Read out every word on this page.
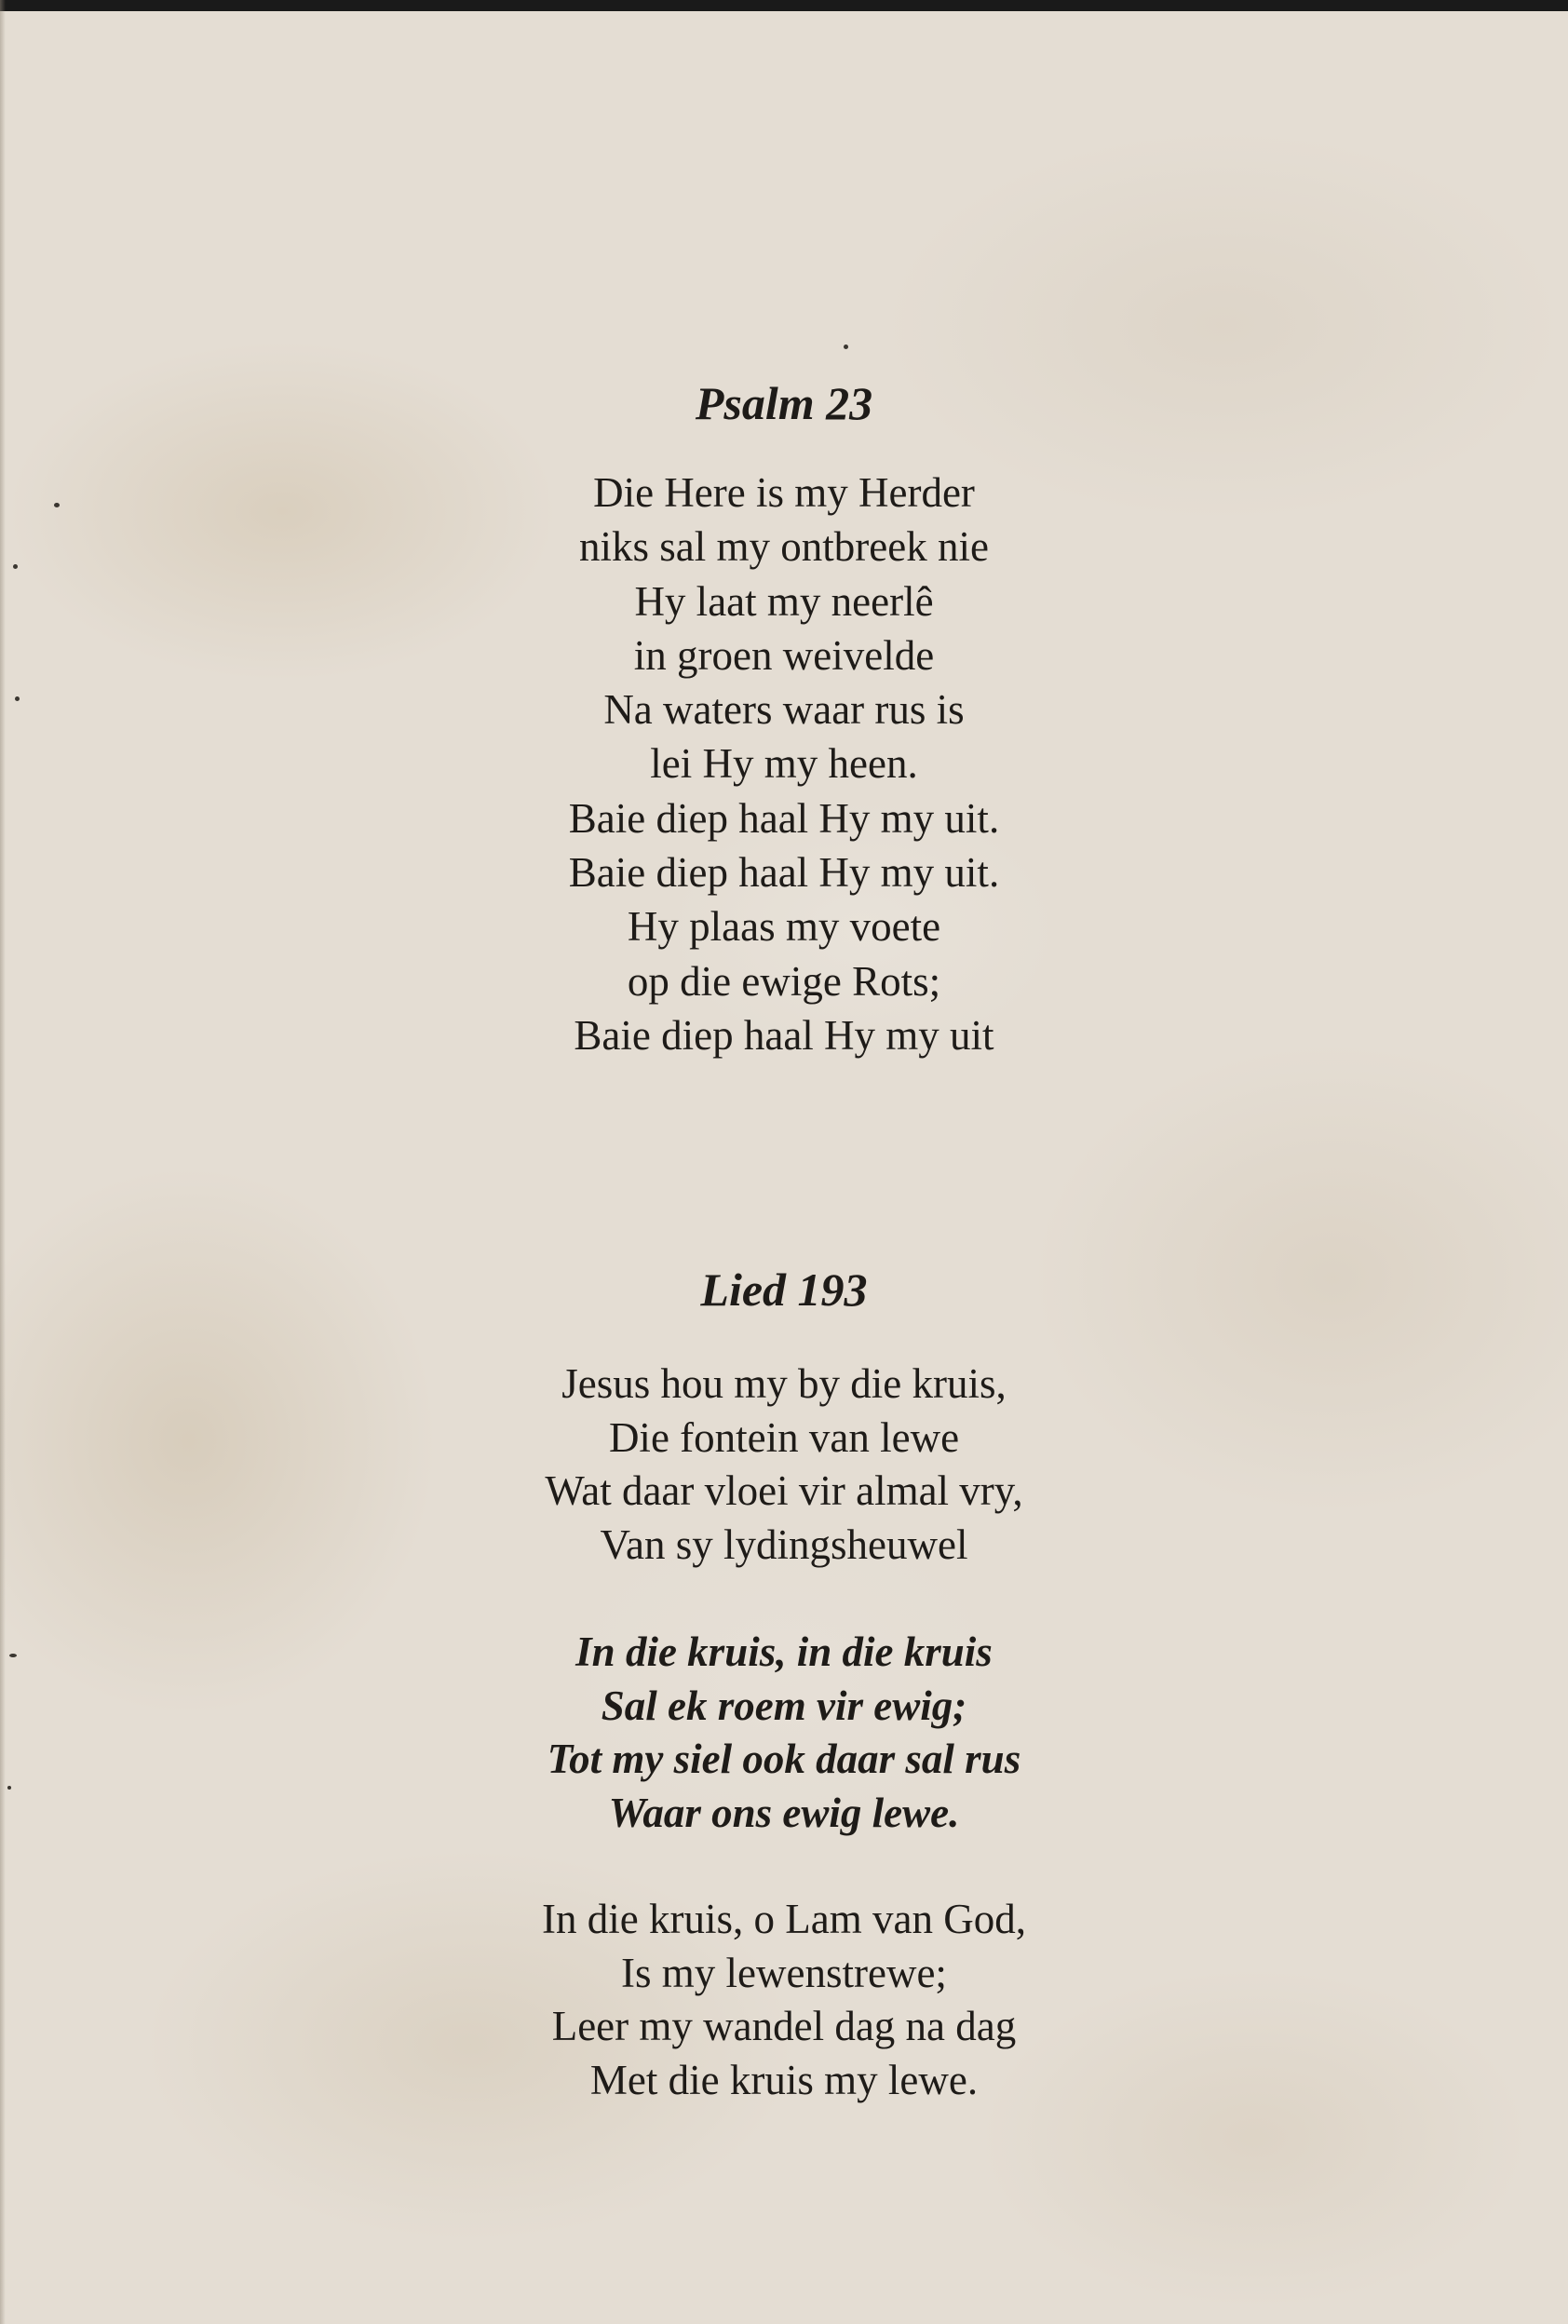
Psalm 23
Die Here is my Herder
niks sal my ontbreek nie
Hy laat my neerlê
in groen weivelde
Na waters waar rus is
lei Hy my heen.
Baie diep haal Hy my uit.
Baie diep haal Hy my uit.
Hy plaas my voete
op die ewige Rots;
Baie diep haal Hy my uit
Lied 193
Jesus hou my by die kruis,
Die fontein van lewe
Wat daar vloei vir almal vry,
Van sy lydingsheuwel
In die kruis, in die kruis
Sal ek roem vir ewig;
Tot my siel ook daar sal rus
Waar ons ewig lewe.
In die kruis, o Lam van God,
Is my lewenstrewe;
Leer my wandel dag na dag
Met die kruis my lewe.
